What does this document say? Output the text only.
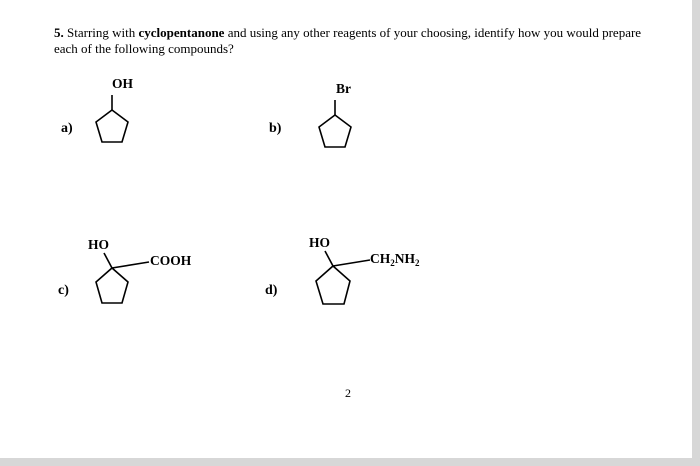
5. Starring with cyclopentanone and using any other reagents of your choosing, identify how you would prepare each of the following compounds?
a)
OH
b)
Br
c)
HO
COOH
d)
HO
$CH_2NH_2$
2
